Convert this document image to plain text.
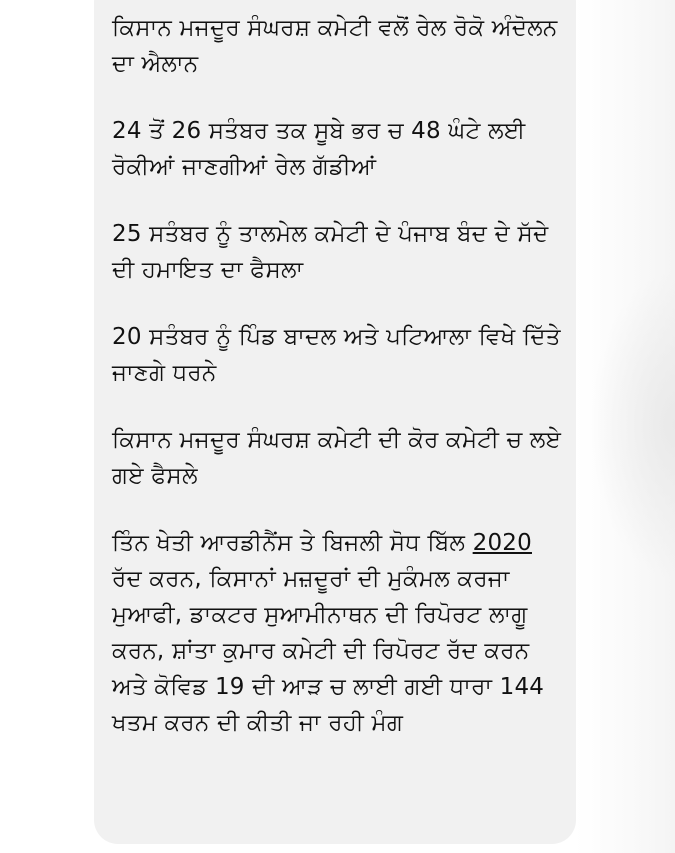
ਕਿਸਾਨ ਮਜਦੂਰ ਸੰਘਰਸ਼ ਕਮੇਟੀ ਵਲੋਂ ਰੇਲ ਰੋਕੋ ਅੰਦੋਲਨ ਦਾ ਐਲਾਨ

24 ਤੋਂ 26 ਸਤੰਬਰ ਤਕ ਸੂਬੇ ਭਰ ਚ 48 ਘੰਟੇ ਲਈ ਰੋਕੀਆਂ ਜਾਣਗੀਆਂ ਰੇਲ ਗੱਡੀਆਂ

25 ਸਤੰਬਰ ਨੂੰ ਤਾਲਮੇਲ ਕਮੇਟੀ ਦੇ ਪੰਜਾਬ ਬੰਦ ਦੇ ਸੱਦੇ ਦੀ ਹਮਾਇਤ ਦਾ ਫੈਸਲਾ

20 ਸਤੰਬਰ ਨੂੰ ਪਿੰਡ ਬਾਦਲ ਅਤੇ ਪਟਿਆਲਾ ਵਿਖੇ ਦਿੱਤੇ ਜਾਣਗੇ ਧਰਨੇ

ਕਿਸਾਨ ਮਜਦੂਰ ਸੰਘਰਸ਼ ਕਮੇਟੀ ਦੀ ਕੋਰ ਕਮੇਟੀ ਚ ਲਏ ਗਏ ਫੈਸਲੇ

ਤਿੰਨ ਖੇਤੀ ਆਰਡੀਨੈਂਸ ਤੇ ਬਿਜਲੀ ਸੋਧ ਬਿੱਲ 2020 ਰੱਦ ਕਰਨ, ਕਿਸਾਨਾਂ ਮਜ਼ਦੂਰਾਂ ਦੀ ਮੁਕੰਮਲ ਕਰਜਾ ਮੁਆਫੀ, ਡਾਕਟਰ ਸੁਆਮੀਨਾਥਨ ਦੀ ਰਿਪੋਰਟ ਲਾਗੂ ਕਰਨ, ਸ਼ਾਂਤਾ ਕੁਮਾਰ ਕਮੇਟੀ ਦੀ ਰਿਪੋਰਟ ਰੱਦ ਕਰਨ ਅਤੇ ਕੋਵਿਡ 19 ਦੀ ਆੜ ਚ ਲਾਈ ਗਈ ਧਾਰਾ 144 ਖਤਮ ਕਰਨ ਦੀ ਕੀਤੀ ਜਾ ਰਹੀ ਮੰਗ
